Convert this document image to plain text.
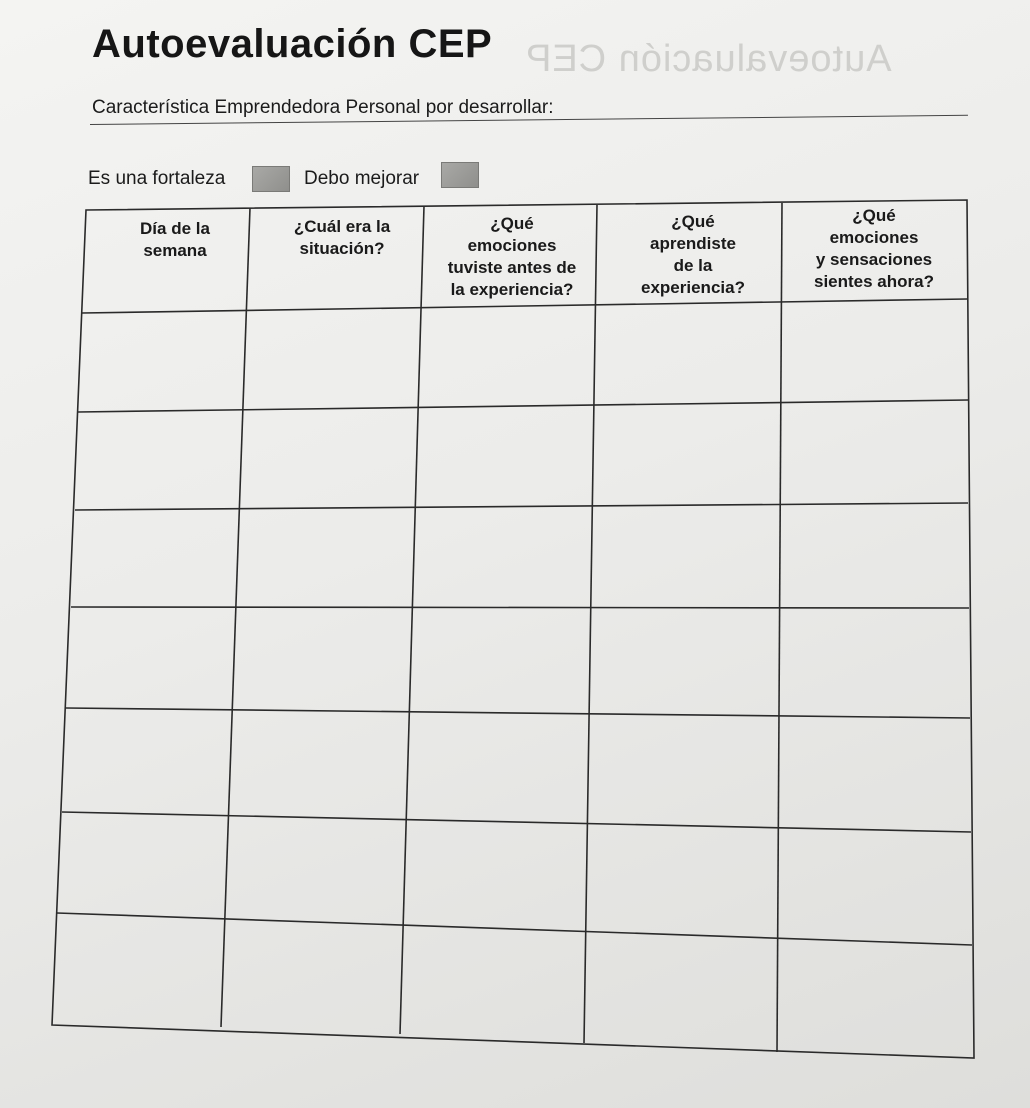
Autoevaluación CEP
Autoevaluación CEP
Característica Emprendedora Personal por desarrollar:
Es una fortaleza	Debo mejorar
Día de la
semana
¿Cuál era la
situación?
¿Qué
emociones
tuviste antes de
la experiencia?
¿Qué
aprendiste
de la
experiencia?
¿Qué
emociones
y sensaciones
sientes ahora?
